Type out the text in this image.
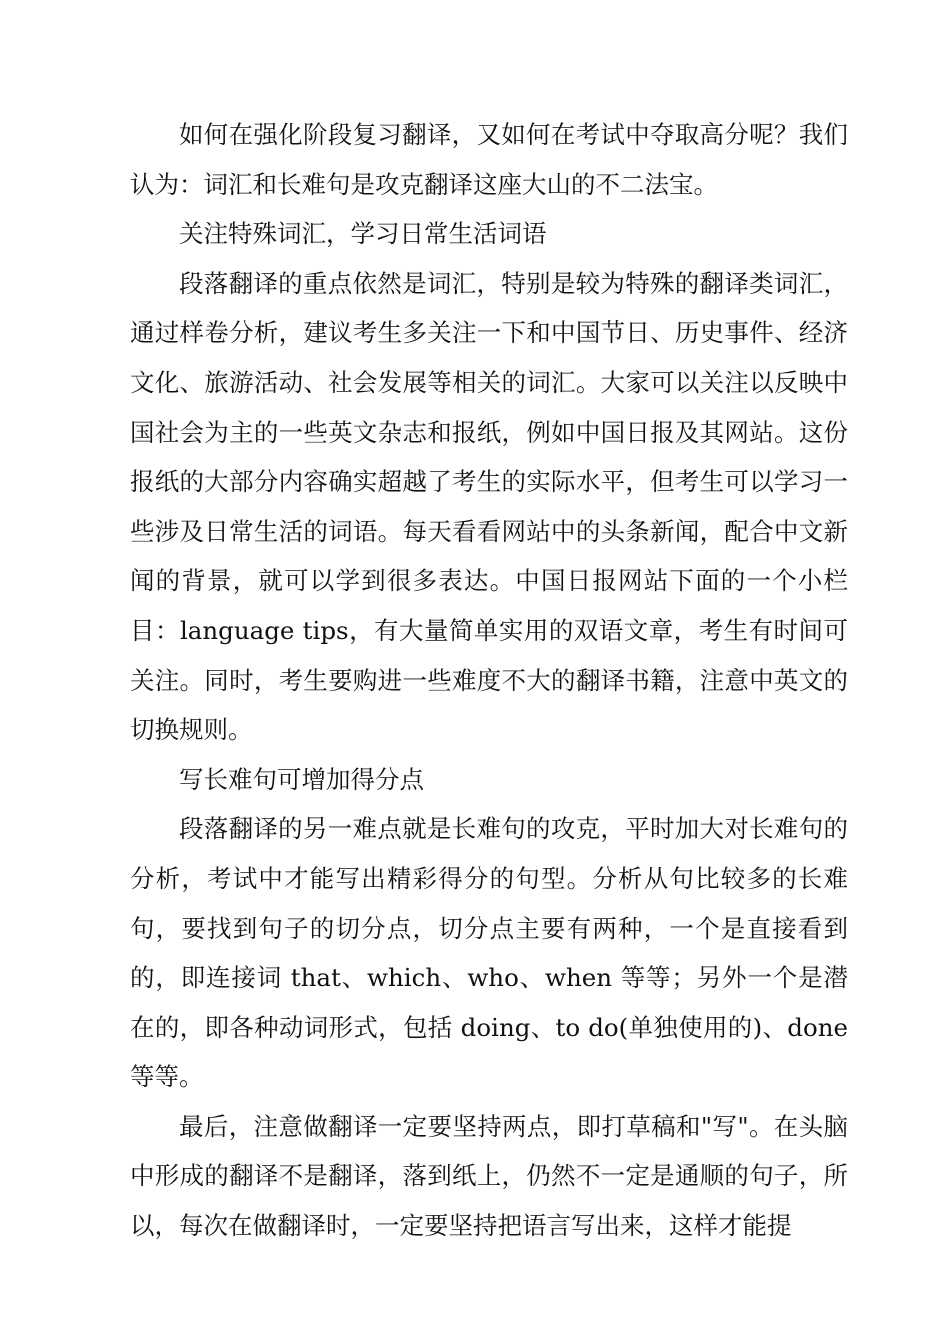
如何在强化阶段复习翻译，又如何在考试中夺取高分呢？我们认为：词汇和长难句是攻克翻译这座大山的不二法宝。

关注特殊词汇，学习日常生活词语

段落翻译的重点依然是词汇，特别是较为特殊的翻译类词汇，通过样卷分析，建议考生多关注一下和中国节日、历史事件、经济文化、旅游活动、社会发展等相关的词汇。大家可以关注以反映中国社会为主的一些英文杂志和报纸，例如中国日报及其网站。这份报纸的大部分内容确实超越了考生的实际水平，但考生可以学习一些涉及日常生活的词语。每天看看网站中的头条新闻，配合中文新闻的背景，就可以学到很多表达。中国日报网站下面的一个小栏目：language tips，有大量简单实用的双语文章，考生有时间可关注。同时，考生要购进一些难度不大的翻译书籍，注意中英文的切换规则。

写长难句可增加得分点

段落翻译的另一难点就是长难句的攻克，平时加大对长难句的分析，考试中才能写出精彩得分的句型。分析从句比较多的长难句，要找到句子的切分点，切分点主要有两种，一个是直接看到的，即连接词 that、which、who、when 等等；另外一个是潜在的，即各种动词形式，包括 doing、to do(单独使用的)、done 等等。

最后，注意做翻译一定要坚持两点，即打草稿和"写"。在头脑中形成的翻译不是翻译，落到纸上，仍然不一定是通顺的句子，所以，每次在做翻译时，一定要坚持把语言写出来，这样才能提
